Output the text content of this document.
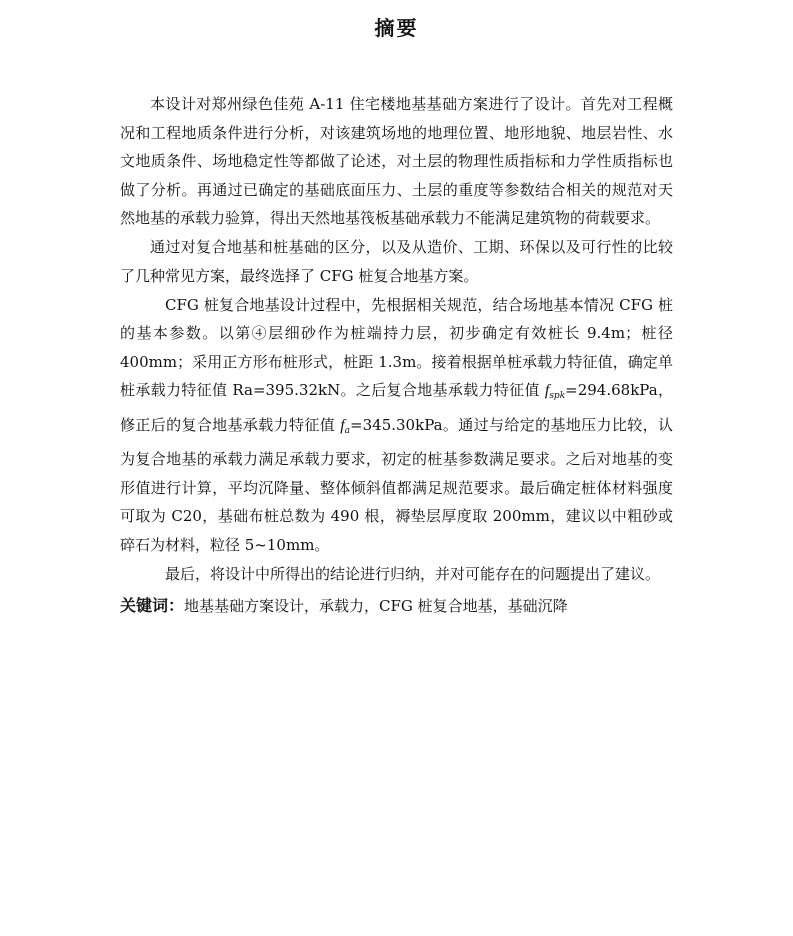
摘要

本设计对郑州绿色佳苑 A-11 住宅楼地基基础方案进行了设计。首先对工程概况和工程地质条件进行分析，对该建筑场地的地理位置、地形地貌、地层岩性、水文地质条件、场地稳定性等都做了论述，对土层的物理性质指标和力学性质指标也做了分析。再通过已确定的基础底面压力、土层的重度等参数结合相关的规范对天然地基的承载力验算，得出天然地基筏板基础承载力不能满足建筑物的荷载要求。

通过对复合地基和桩基础的区分，以及从造价、工期、环保以及可行性的比较了几种常见方案，最终选择了 CFG 桩复合地基方案。

CFG 桩复合地基设计过程中，先根据相关规范，结合场地基本情况 CFG 桩的基本参数。以第④层细砂作为桩端持力层，初步确定有效桩长 9.4m；桩径 400mm；采用正方形布桩形式，桩距 1.3m。接着根据单桩承载力特征值，确定单桩承载力特征值 Ra=395.32kN。之后复合地基承载力特征值 $f_{spk}=294.68kPa$，修正后的复合地基承载力特征值 $f_a=345.30kPa$。通过与给定的基地压力比较，认为复合地基的承载力满足承载力要求，初定的桩基参数满足要求。之后对地基的变形值进行计算，平均沉降量、整体倾斜值都满足规范要求。最后确定桩体材料强度可取为 C20，基础布桩总数为 490 根，褥垫层厚度取 200mm，建议以中粗砂或碎石为材料，粒径 5~10mm。

最后，将设计中所得出的结论进行归纳，并对可能存在的问题提出了建议。

关键词：地基基础方案设计，承载力，CFG 桩复合地基，基础沉降
